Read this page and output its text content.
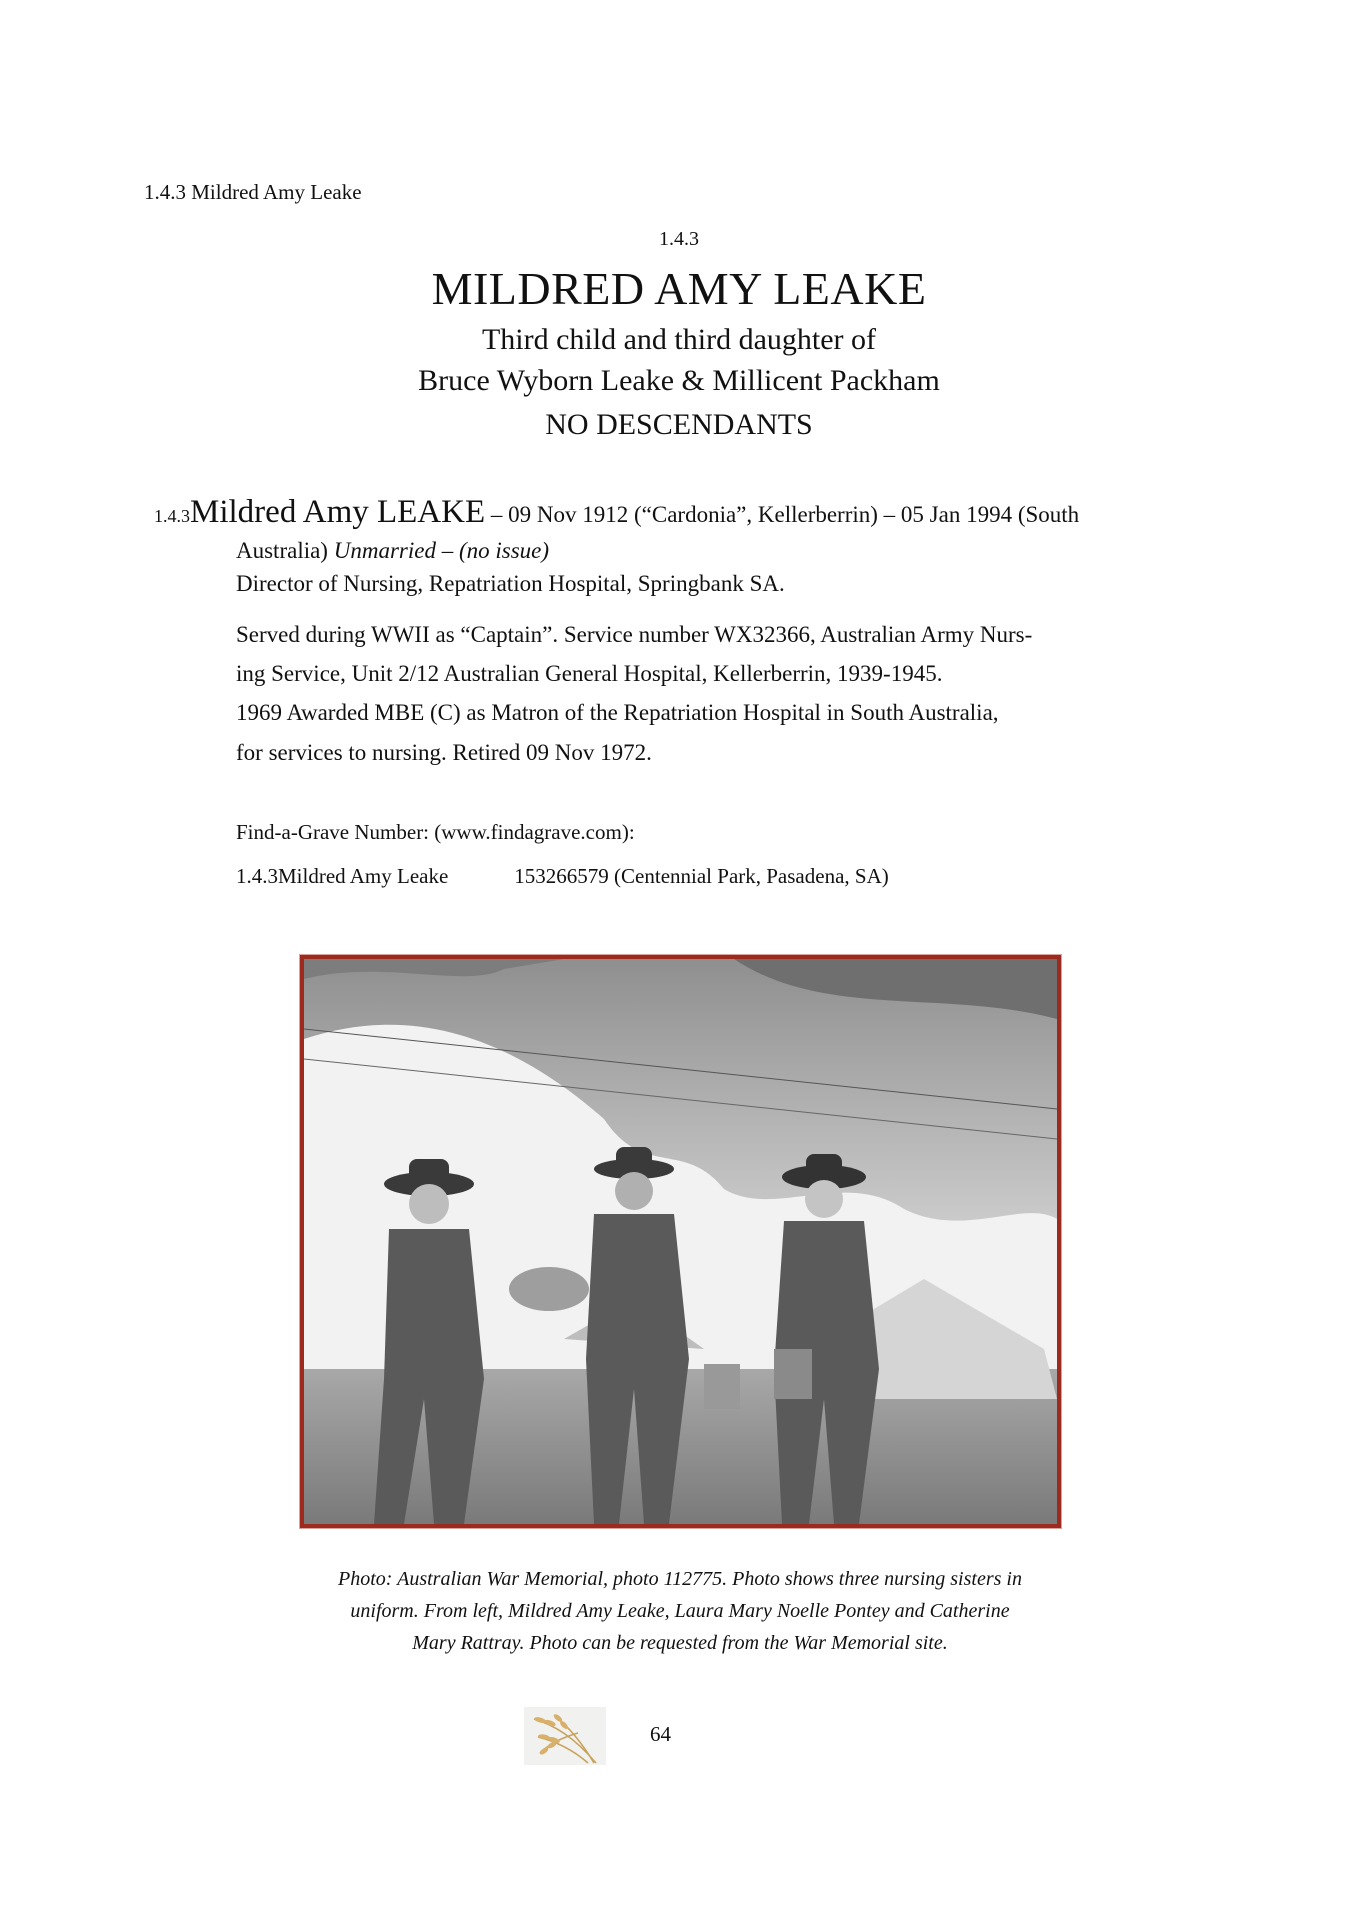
1.4.3 Mildred Amy Leake
1.4.3
MILDRED AMY LEAKE
Third child and third daughter of
Bruce Wyborn Leake & Millicent Packham
NO DESCENDANTS
1.4.3Mildred Amy LEAKE – 09 Nov 1912 (“Cardonia”, Kellerberrin) – 05 Jan 1994 (South
Australia) Unmarried – (no issue)
Director of Nursing, Repatriation Hospital, Springbank SA.
Served during WWII as “Captain”. Service number WX32366, Australian Army Nurs-
ing Service, Unit 2/12 Australian General Hospital, Kellerberrin, 1939-1945.
1969 Awarded MBE (C) as Matron of the Repatriation Hospital in South Australia,
for services to nursing. Retired 09 Nov 1972.
Find-a-Grave Number: (www.findagrave.com):
1.4.3Mildred Amy Leake	153266579 (Centennial Park, Pasadena, SA)
Photo: Australian War Memorial, photo 112775. Photo shows three nursing sisters in
uniform. From left, Mildred Amy Leake, Laura Mary Noelle Pontey and Catherine
Mary Rattray. Photo can be requested from the War Memorial site.
64
